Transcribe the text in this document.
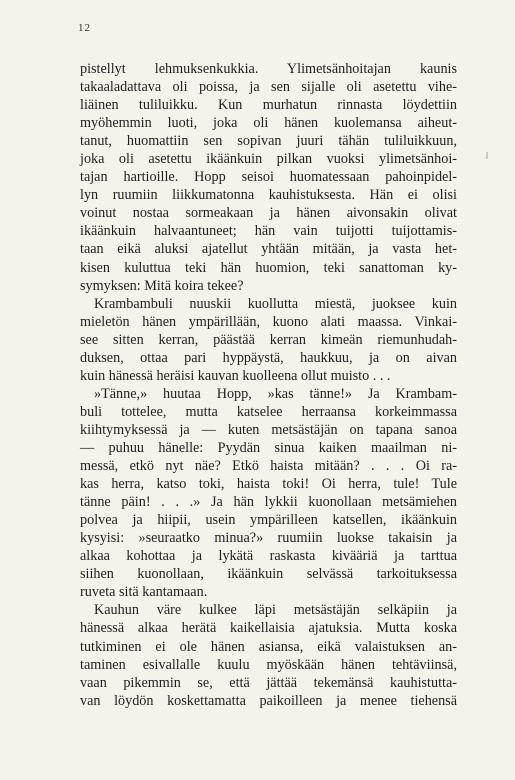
12
pistellyt lehmuksenkukkia. Ylimetsänhoitajan kaunis
takaaladattava oli poissa, ja sen sijalle oli asetettu vihe-
liäinen tuliluikku. Kun murhatun rinnasta löydettiin
myöhemmin luoti, joka oli hänen kuolemansa aiheut-
tanut, huomattiin sen sopivan juuri tähän tuliluikkuun,
joka oli asetettu ikäänkuin pilkan vuoksi ylimetsänhoi-
tajan hartioille. Hopp seisoi huomatessaan pahoinpidel-
lyn ruumiin liikkumatonna kauhistuksesta. Hän ei olisi
voinut nostaa sormeakaan ja hänen aivonsakin olivat
ikäänkuin halvaantuneet; hän vain tuijotti tuijottamis-
taan eikä aluksi ajatellut yhtään mitään, ja vasta het-
kisen kuluttua teki hän huomion, teki sanattoman ky-
symyksen: Mitä koira tekee?
Krambambuli nuuskii kuollutta miestä, juoksee kuin
mieletön hänen ympärillään, kuono alati maassa. Vinkai-
see sitten kerran, päästää kerran kimeän riemunhudah-
duksen, ottaa pari hyppäystä, haukkuu, ja on aivan
kuin hänessä heräisi kauvan kuolleena ollut muisto . . .
»Tänne,» huutaa Hopp, »kas tänne!» Ja Krambam-
buli tottelee, mutta katselee herraansa korkeimmassa
kiihtymyksessä ja — kuten metsästäjän on tapana sanoa
— puhuu hänelle: Pyydän sinua kaiken maailman ni-
messä, etkö nyt näe? Etkö haista mitään? . . . Oi ra-
kas herra, katso toki, haista toki! Oi herra, tule! Tule
tänne päin! . . .» Ja hän lykkii kuonollaan metsämiehen
polvea ja hiipii, usein ympärilleen katsellen, ikäänkuin
kysyisi: »seuraatko minua?» ruumiin luokse takaisin ja
alkaa kohottaa ja lykätä raskasta kivääriä ja tarttua
siihen kuonollaan, ikäänkuin selvässä tarkoituksessa
ruveta sitä kantamaan.
Kauhun väre kulkee läpi metsästäjän selkäpiin ja
hänessä alkaa herätä kaikellaisia ajatuksia. Mutta koska
tutkiminen ei ole hänen asiansa, eikä valaistuksen an-
taminen esivallalle kuulu myöskään hänen tehtäviinsä,
vaan pikemmin se, että jättää tekemänsä kauhistutta-
van löydön koskettamatta paikoilleen ja menee tiehensä
